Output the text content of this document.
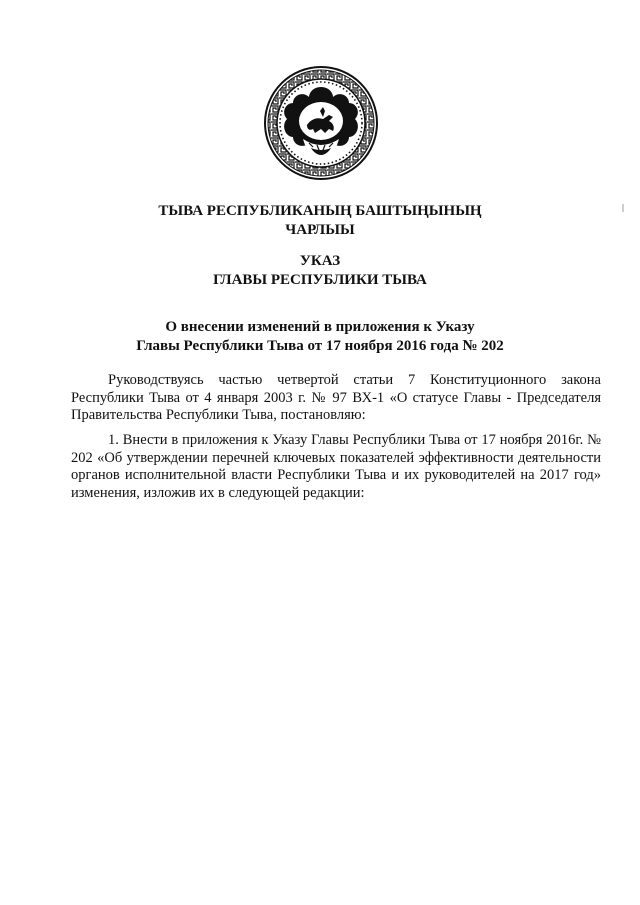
ТЫВА РЕСПУБЛИКАНЫҢ БАШТЫҢЫНЫҢ
ЧАРЛЫЫ
УКАЗ
ГЛАВЫ РЕСПУБЛИКИ ТЫВА
О внесении изменений в приложения к Указу
Главы Республики Тыва от 17 ноября 2016 года № 202

Руководствуясь частью четвертой статьи 7 Конституционного закона Республики Тыва от 4 января 2003 г. № 97 ВХ-1 «О статусе Главы - Председателя Правительства Республики Тыва, постановляю:

1. Внести в приложения к Указу Главы Республики Тыва от 17 ноября 2016г. № 202 «Об утверждении перечней ключевых показателей эффективности деятельности органов исполнительной власти Республики Тыва и их руководителей на 2017 год» изменения, изложив их в следующей редакции:
